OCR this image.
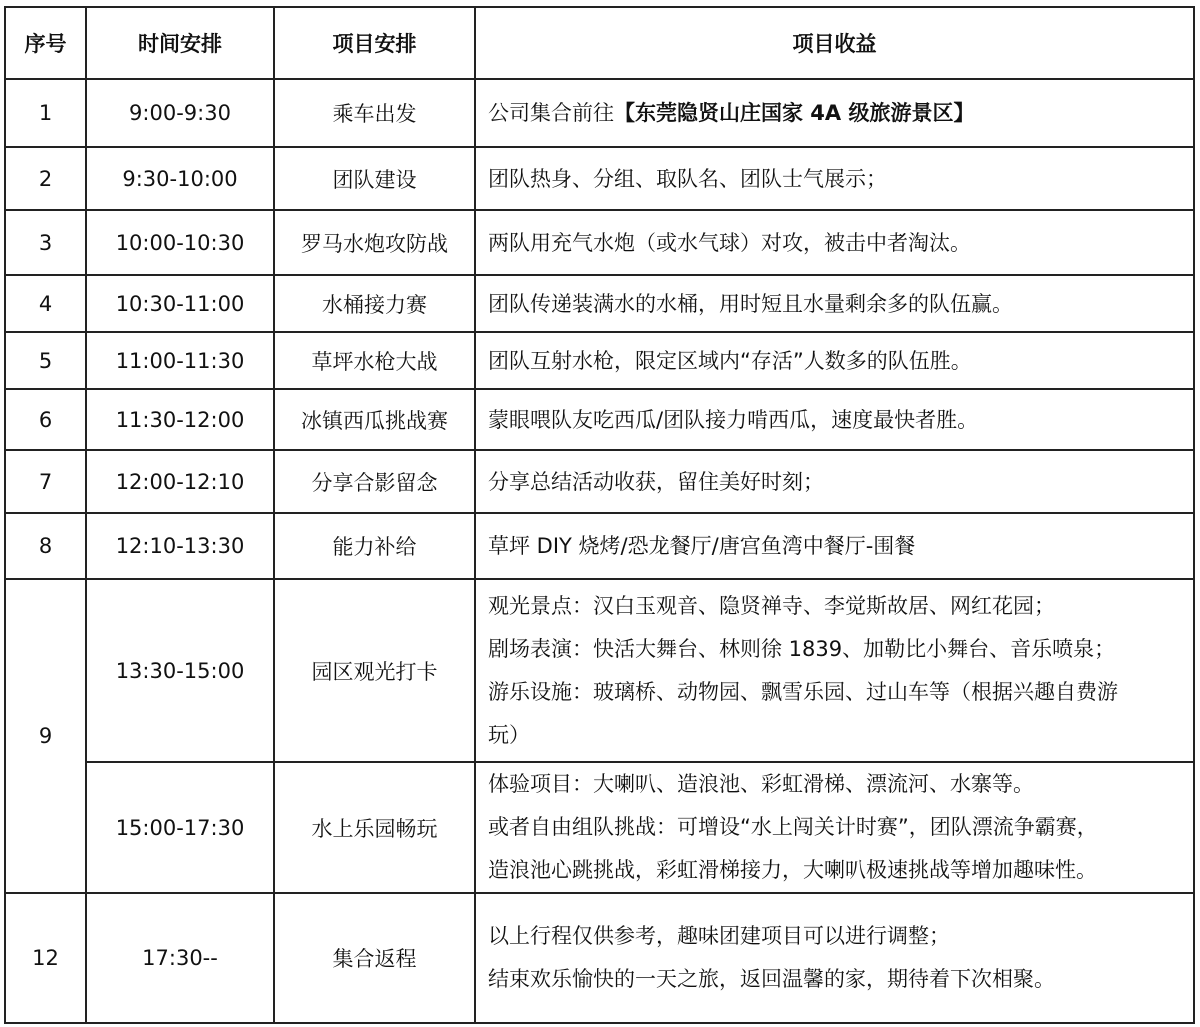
序号	时间安排	项目安排	项目收益
1	9:00-9:30	乘车出发	公司集合前往【东莞隐贤山庄国家 4A 级旅游景区】
2	9:30-10:00	团队建设	团队热身、分组、取队名、团队士气展示；
3	10:00-10:30	罗马水炮攻防战	两队用充气水炮（或水气球）对攻，被击中者淘汰。
4	10:30-11:00	水桶接力赛	团队传递装满水的水桶，用时短且水量剩余多的队伍赢。
5	11:00-11:30	草坪水枪大战	团队互射水枪，限定区域内“存活”人数多的队伍胜。
6	11:30-12:00	冰镇西瓜挑战赛	蒙眼喂队友吃西瓜/团队接力啃西瓜，速度最快者胜。
7	12:00-12:10	分享合影留念	分享总结活动收获，留住美好时刻；
8	12:10-13:30	能力补给	草坪 DIY 烧烤/恐龙餐厅/唐宫鱼湾中餐厅-围餐
9	13:30-15:00	园区观光打卡	观光景点：汉白玉观音、隐贤禅寺、李觉斯故居、网红花园；
剧场表演：快活大舞台、林则徐 1839、加勒比小舞台、音乐喷泉；
游乐设施：玻璃桥、动物园、飘雪乐园、过山车等（根据兴趣自费游
玩）

	15:00-17:30	水上乐园畅玩	体验项目：大喇叭、造浪池、彩虹滑梯、漂流河、水寨等。
或者自由组队挑战：可增设“水上闯关计时赛”，团队漂流争霸赛，
造浪池心跳挑战，彩虹滑梯接力，大喇叭极速挑战等增加趣味性。

12	17:30--	集合返程	以上行程仅供参考，趣味团建项目可以进行调整；
结束欢乐愉快的一天之旅，返回温馨的家，期待着下次相聚。
